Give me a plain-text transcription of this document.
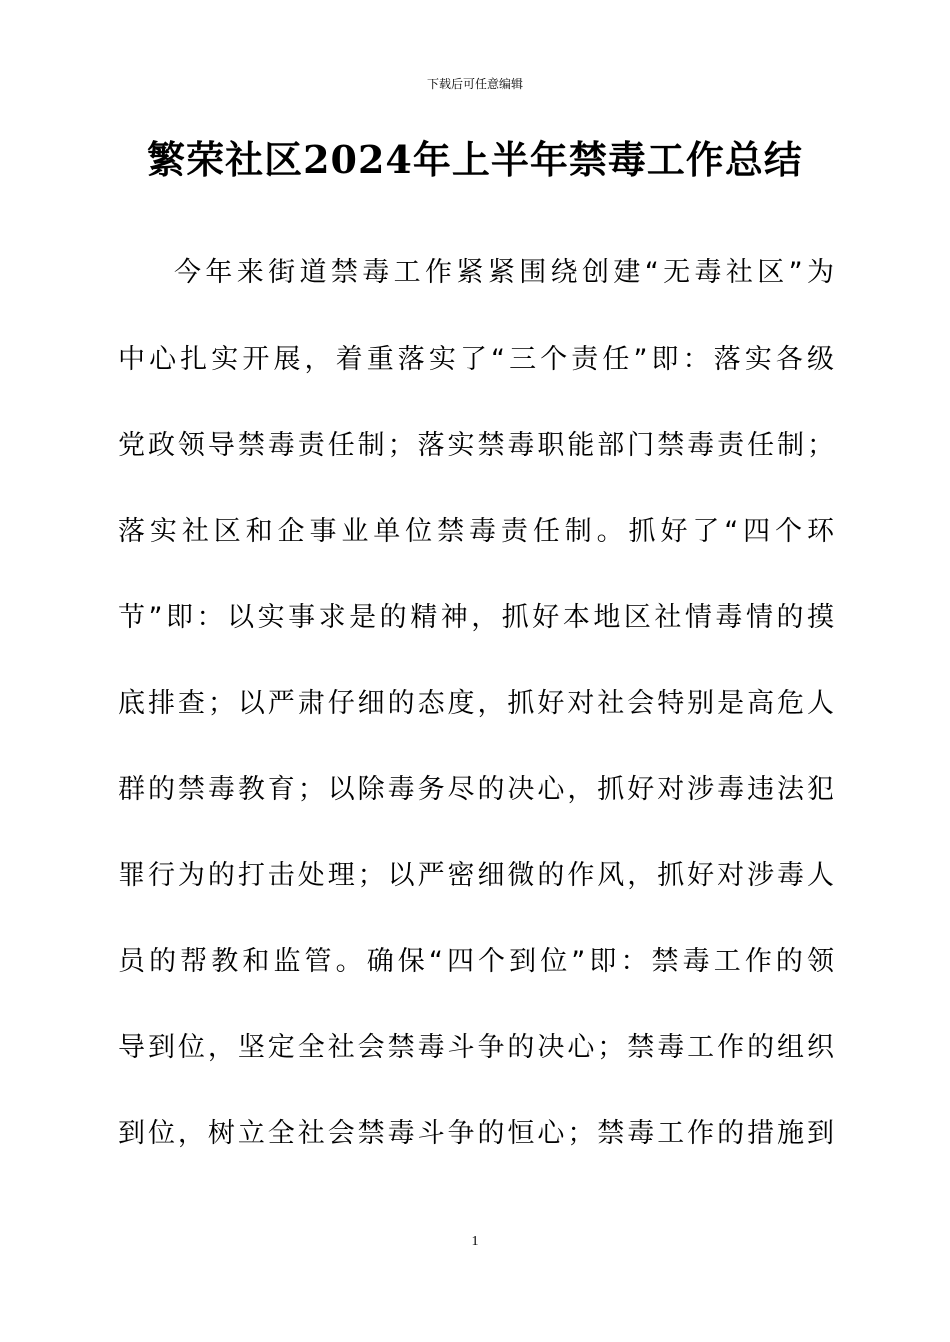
下载后可任意编辑
繁荣社区2024年上半年禁毒工作总结
今年来街道禁毒工作紧紧围绕创建“无毒社区”为
中心扎实开展，着重落实了“三个责任”即：落实各级
党政领导禁毒责任制；落实禁毒职能部门禁毒责任制；
落实社区和企事业单位禁毒责任制。抓好了“四个环
节”即：以实事求是的精神，抓好本地区社情毒情的摸
底排查；以严肃仔细的态度，抓好对社会特别是高危人
群的禁毒教育；以除毒务尽的决心，抓好对涉毒违法犯
罪行为的打击处理；以严密细微的作风，抓好对涉毒人
员的帮教和监管。确保“四个到位”即：禁毒工作的领
导到位，坚定全社会禁毒斗争的决心；禁毒工作的组织
到位，树立全社会禁毒斗争的恒心；禁毒工作的措施到
1
